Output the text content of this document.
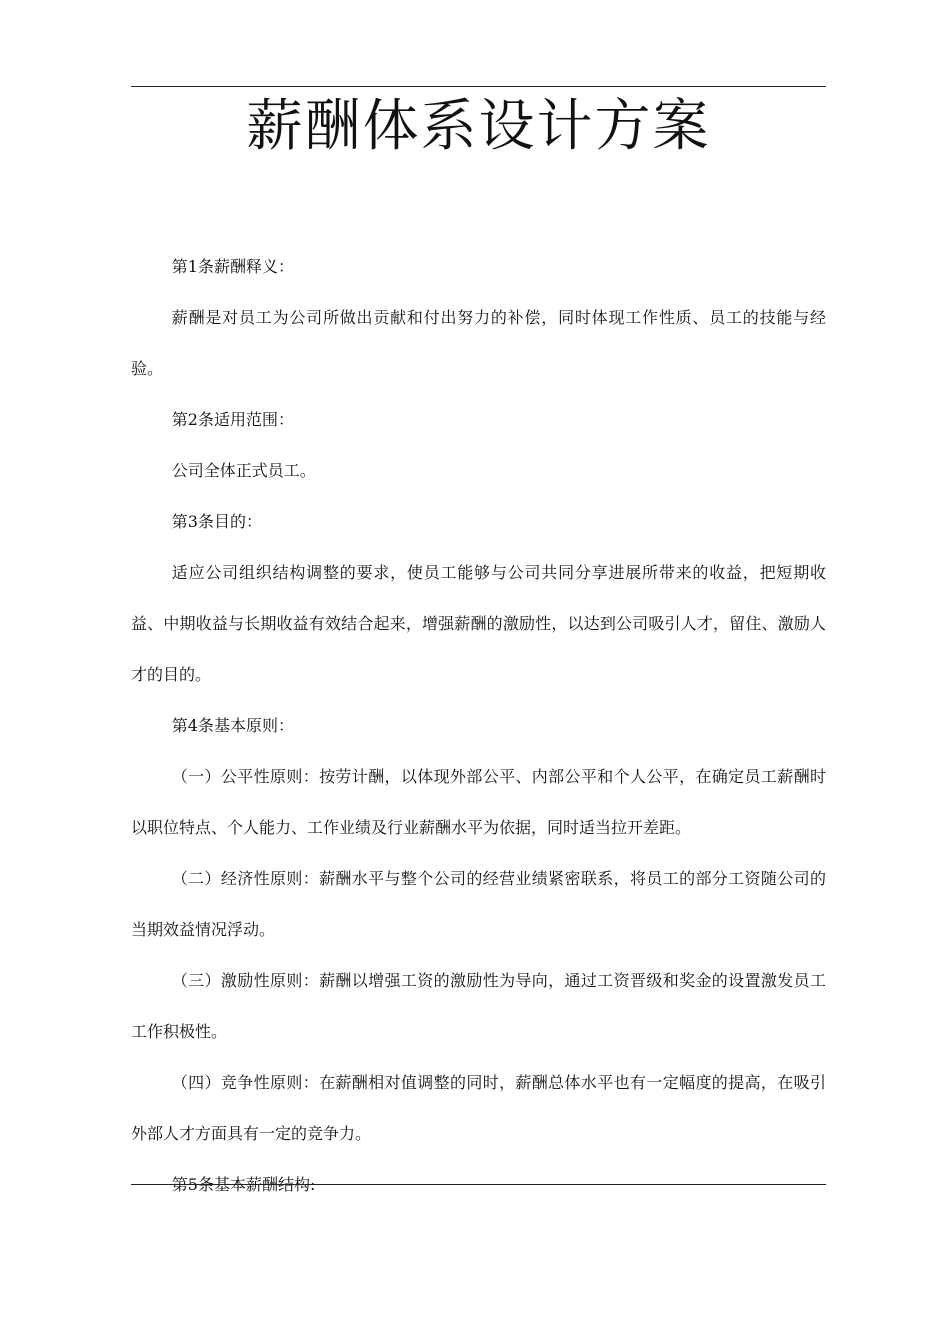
薪酬体系设计方案

第1条薪酬释义：

薪酬是对员工为公司所做出贡献和付出努力的补偿，同时体现工作性质、员工的技能与经验。

第2条适用范围：

公司全体正式员工。

第3条目的：

适应公司组织结构调整的要求，使员工能够与公司共同分享进展所带来的收益，把短期收益、中期收益与长期收益有效结合起来，增强薪酬的激励性，以达到公司吸引人才，留住、激励人才的目的。

第4条基本原则：

（一）公平性原则：按劳计酬，以体现外部公平、内部公平和个人公平，在确定员工薪酬时以职位特点、个人能力、工作业绩及行业薪酬水平为依据，同时适当拉开差距。

（二）经济性原则：薪酬水平与整个公司的经营业绩紧密联系，将员工的部分工资随公司的当期效益情况浮动。

（三）激励性原则：薪酬以增强工资的激励性为导向，通过工资晋级和奖金的设置激发员工工作积极性。

（四）竞争性原则：在薪酬相对值调整的同时，薪酬总体水平也有一定幅度的提高，在吸引外部人才方面具有一定的竞争力。

第5条基本薪酬结构:
